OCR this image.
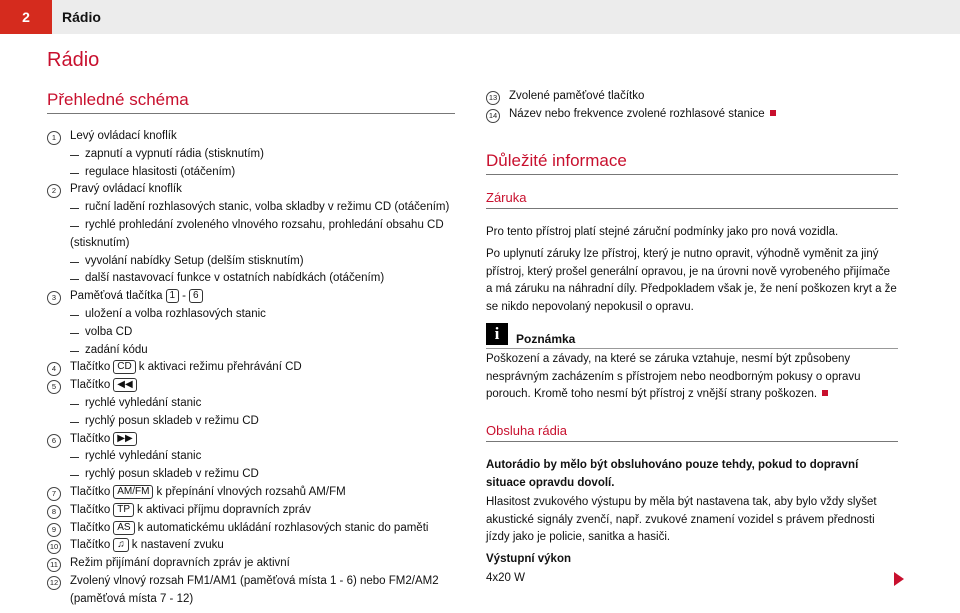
2	Rádio
Rádio
Přehledné schéma
1	Levý ovládací knoflík
zapnutí a vypnutí rádia (stisknutím)
regulace hlasitosti (otáčením)
2	Pravý ovládací knoflík
ruční ladění rozhlasových stanic, volba skladby v režimu CD (otáčením)
rychlé prohledání zvoleného vlnového rozsahu, prohledání obsahu CD
(stisknutím)
vyvolání nabídky Setup (delším stisknutím)
další nastavovací funkce v ostatních nabídkách (otáčením)
3	Paměťová tlačítka 1 - 6
uložení a volba rozhlasových stanic
volba CD
zadání kódu
4	Tlačítko CD k aktivaci režimu přehrávání CD
5	Tlačítko ◀◀
rychlé vyhledání stanic
rychlý posun skladeb v režimu CD
6	Tlačítko ▶▶
rychlé vyhledání stanic
rychlý posun skladeb v režimu CD
7	Tlačítko AM/FM k přepínání vlnových rozsahů AM/FM
8	Tlačítko TP k aktivaci příjmu dopravních zpráv
9	Tlačítko AS k automatickému ukládání rozhlasových stanic do paměti
10 Tlačítko ♫ k nastavení zvuku
11 Režim přijímání dopravních zpráv je aktivní
12 Zvolený vlnový rozsah FM1/AM1 (paměťová místa 1 - 6) nebo FM2/AM2
(paměťová místa 7 - 12)
13 Zvolené paměťové tlačítko
14 Název nebo frekvence zvolené rozhlasové stanice
Důležité informace
Záruka

Pro tento přístroj platí stejné záruční podmínky jako pro nová vozidla.

Po uplynutí záruky lze přístroj, který je nutno opravit, výhodně vyměnit za jiný přístroj, který prošel generální opravou, je na úrovni nově vyrobeného přijímače a má záruku na náhradní díly. Předpokladem však je, že není poškozen kryt a že se nikdo nepovolaný nepokusil o opravu.

i	Poznámka

Poškození a závady, na které se záruka vztahuje, nesmí být způsobeny nesprávným zacházením s přístrojem nebo neodborným pokusy o opravu porouch. Kromě toho nesmí být přístroj z vnější strany poškozen.

Obsluha rádia

Autorádio by mělo být obsluhováno pouze tehdy, pokud to dopravní situace opravdu dovolí.

Hlasitost zvukového výstupu by měla být nastavena tak, aby bylo vždy slyšet akustické signály zvenčí, např. zvukové znamení vozidel s právem přednosti jízdy jako je policie, sanitka a hasiči.

Výstupní výkon

4x20 W
